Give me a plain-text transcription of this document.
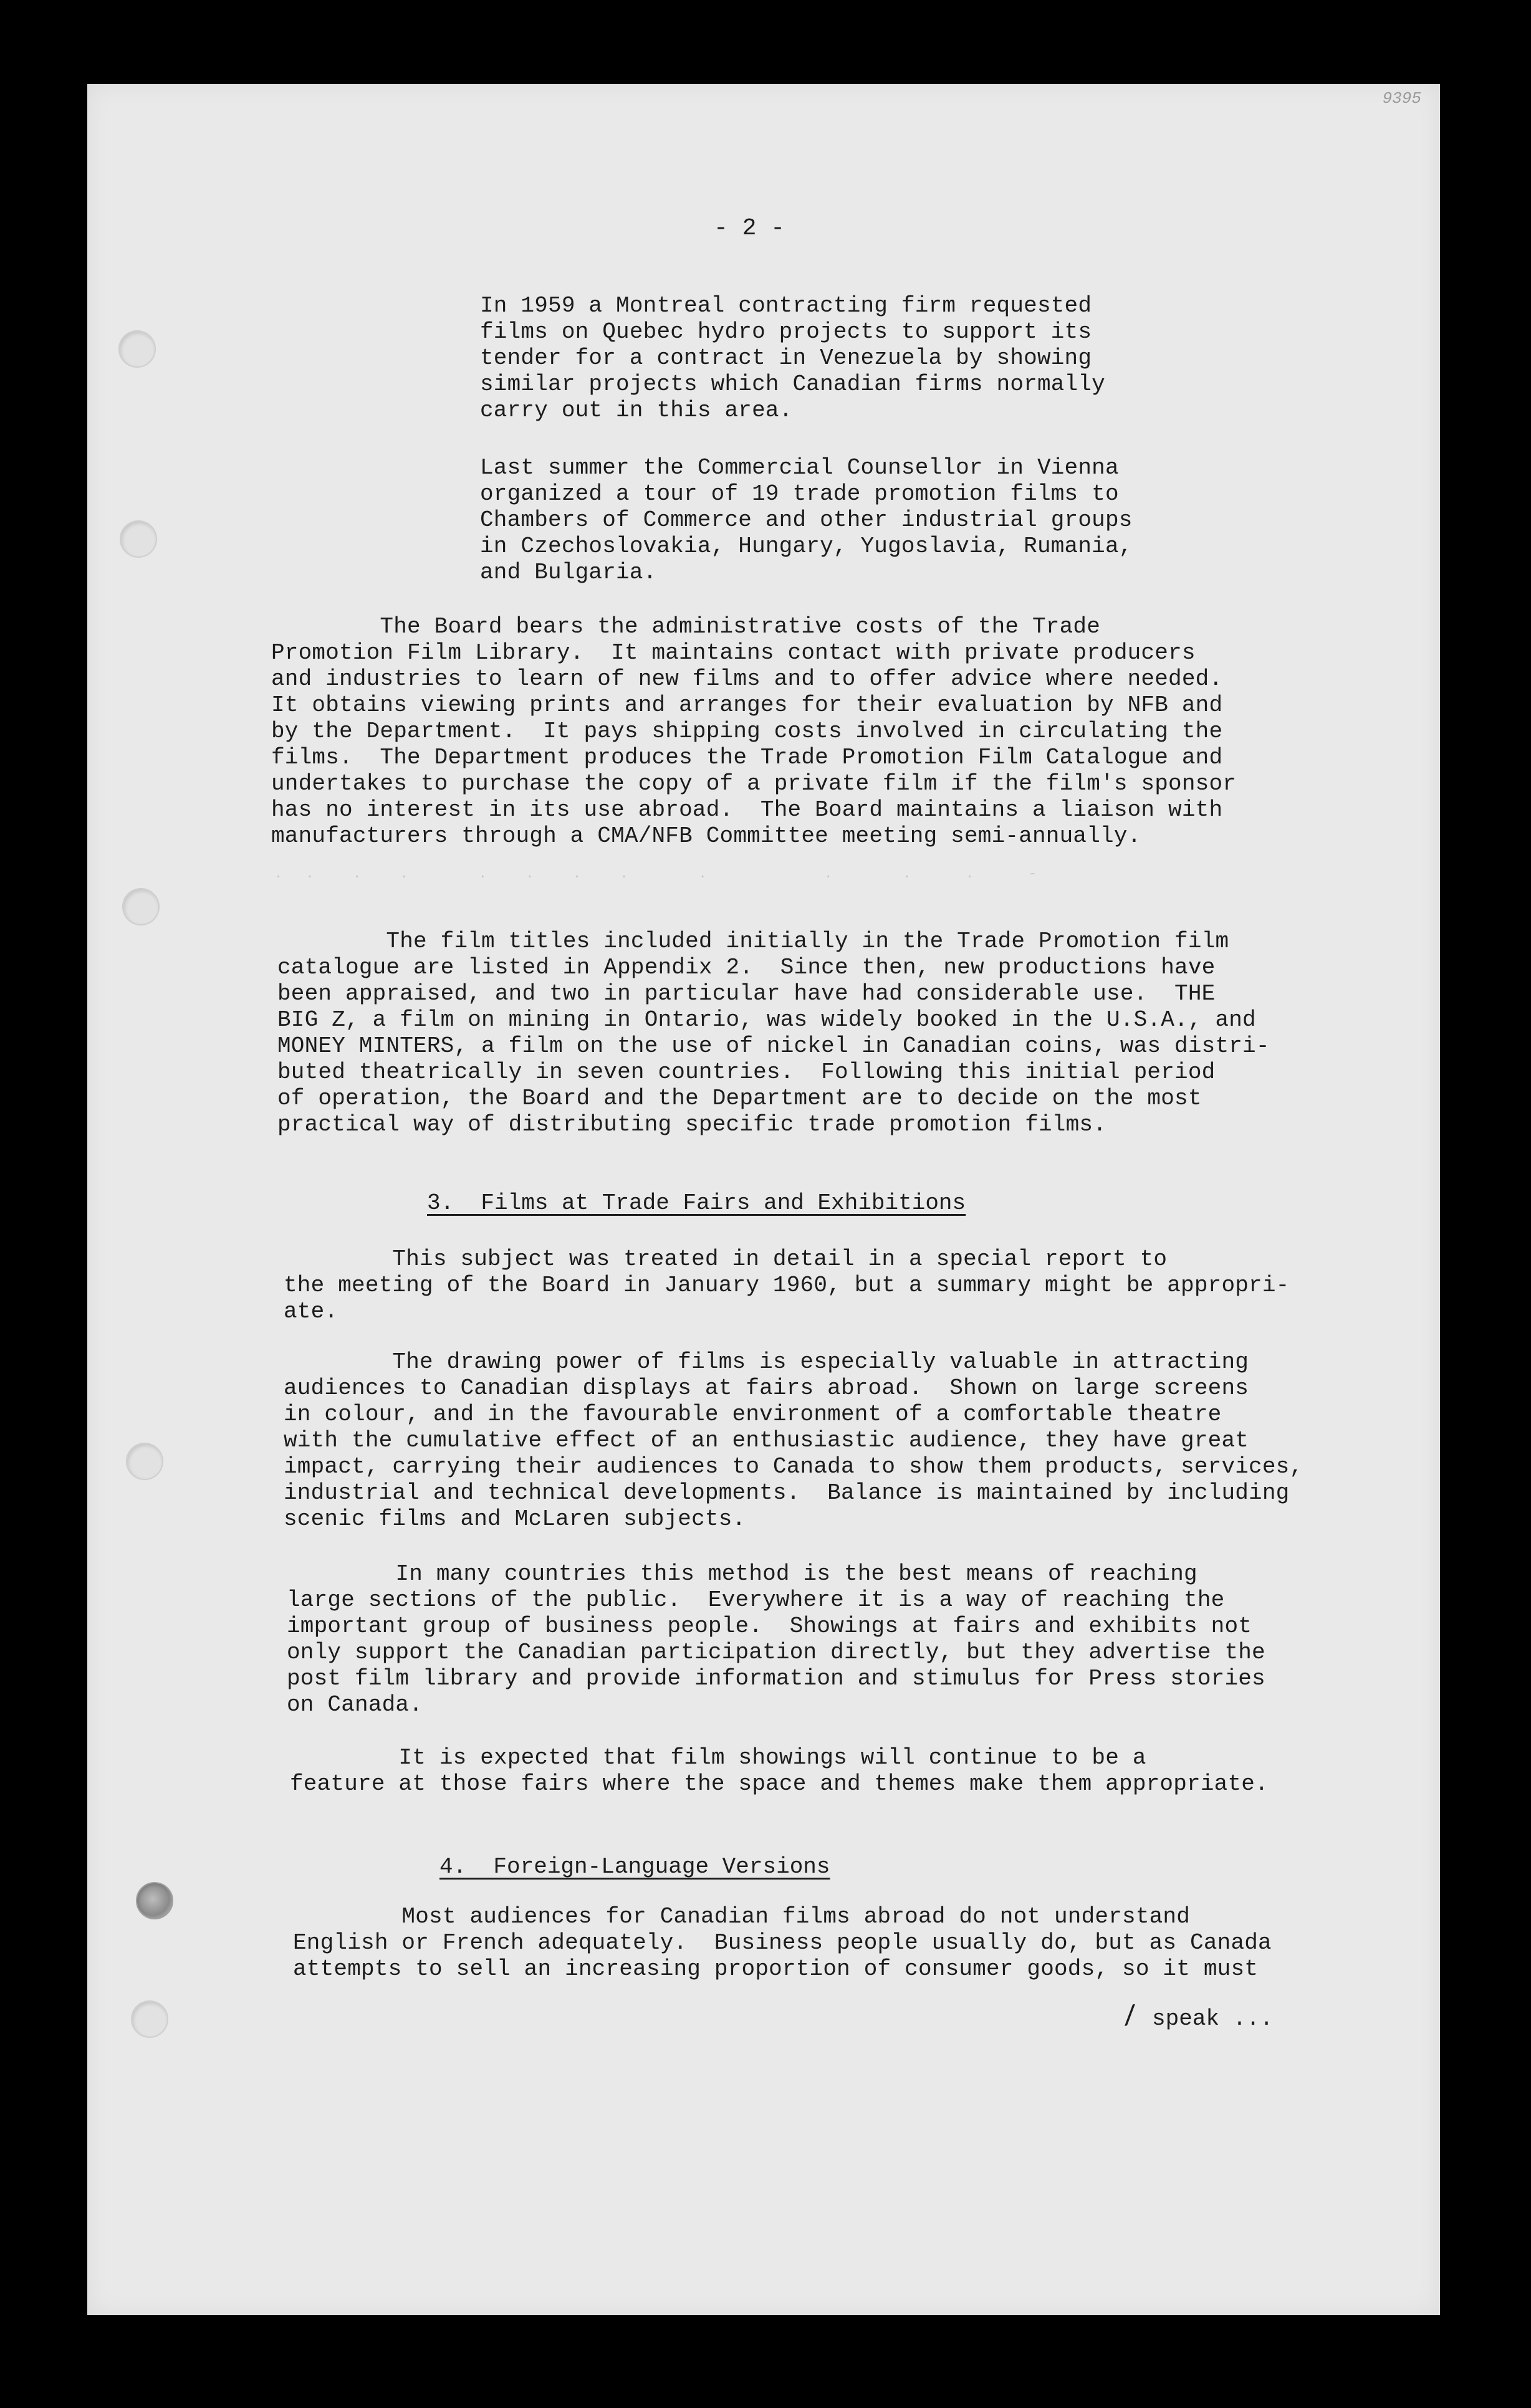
9395
- 2 -
In 1959 a Montreal contracting firm requested
films on Quebec hydro projects to support its
tender for a contract in Venezuela by showing
similar projects which Canadian firms normally
carry out in this area.
Last summer the Commercial Counsellor in Vienna
organized a tour of 19 trade promotion films to
Chambers of Commerce and other industrial groups
in Czechoslovakia, Hungary, Yugoslavia, Rumania,
and Bulgaria.
The Board bears the administrative costs of the Trade
Promotion Film Library.  It maintains contact with private producers
and industries to learn of new films and to offer advice where needed.
It obtains viewing prints and arranges for their evaluation by NFB and
by the Department.  It pays shipping costs involved in circulating the
films.  The Department produces the Trade Promotion Film Catalogue and
undertakes to purchase the copy of a private film if the film's sponsor
has no interest in its use abroad.  The Board maintains a liaison with
manufacturers through a CMA/NFB Committee meeting semi-annually.
. .  .  .    .  .  .  .    .       .    .   .   -
The film titles included initially in the Trade Promotion film
catalogue are listed in Appendix 2.  Since then, new productions have
been appraised, and two in particular have had considerable use.  THE
BIG Z, a film on mining in Ontario, was widely booked in the U.S.A., and
MONEY MINTERS, a film on the use of nickel in Canadian coins, was distri-
buted theatrically in seven countries.  Following this initial period
of operation, the Board and the Department are to decide on the most
practical way of distributing specific trade promotion films.
3.  Films at Trade Fairs and Exhibitions
This subject was treated in detail in a special report to
the meeting of the Board in January 1960, but a summary might be appropri-
ate.
The drawing power of films is especially valuable in attracting
audiences to Canadian displays at fairs abroad.  Shown on large screens
in colour, and in the favourable environment of a comfortable theatre
with the cumulative effect of an enthusiastic audience, they have great
impact, carrying their audiences to Canada to show them products, services,
industrial and technical developments.  Balance is maintained by including
scenic films and McLaren subjects.
In many countries this method is the best means of reaching
large sections of the public.  Everywhere it is a way of reaching the
important group of business people.  Showings at fairs and exhibits not
only support the Canadian participation directly, but they advertise the
post film library and provide information and stimulus for Press stories
on Canada.
It is expected that film showings will continue to be a
feature at those fairs where the space and themes make them appropriate.
4.  Foreign-Language Versions
Most audiences for Canadian films abroad do not understand
English or French adequately.  Business people usually do, but as Canada
attempts to sell an increasing proportion of consumer goods, so it must
/ speak ...
